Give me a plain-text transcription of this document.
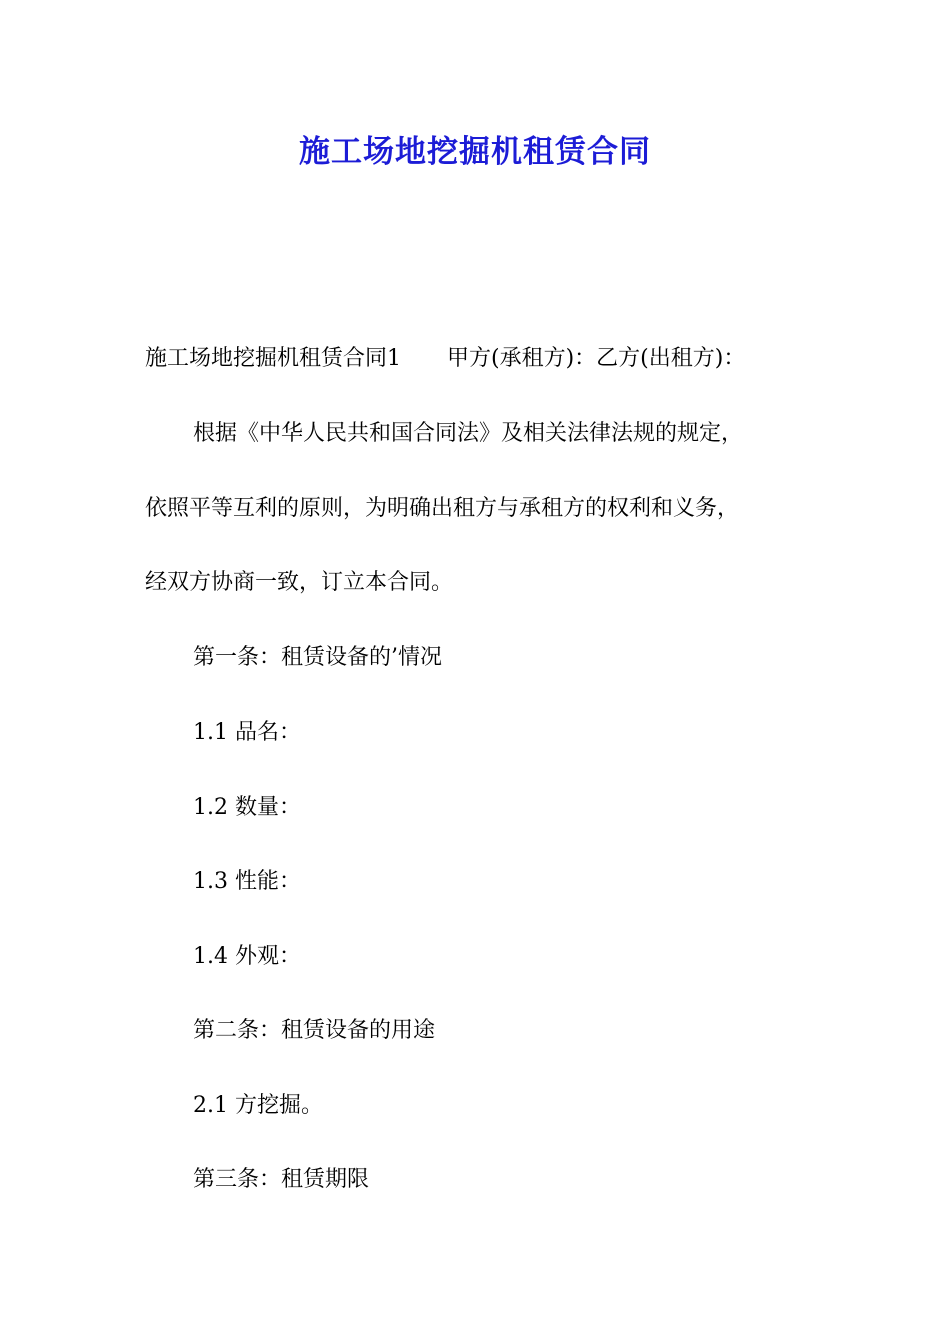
施工场地挖掘机租赁合同
施工场地挖掘机租赁合同1 甲方(承租方)：乙方(出租方)：
根据《中华人民共和国合同法》及相关法律法规的规定，
依照平等互利的原则，为明确出租方与承租方的权利和义务，
经双方协商一致，订立本合同。
第一条：租赁设备的’情况
1.1 品名：
1.2 数量：
1.3 性能：
1.4 外观：
第二条：租赁设备的用途
2.1 方挖掘。
第三条：租赁期限
